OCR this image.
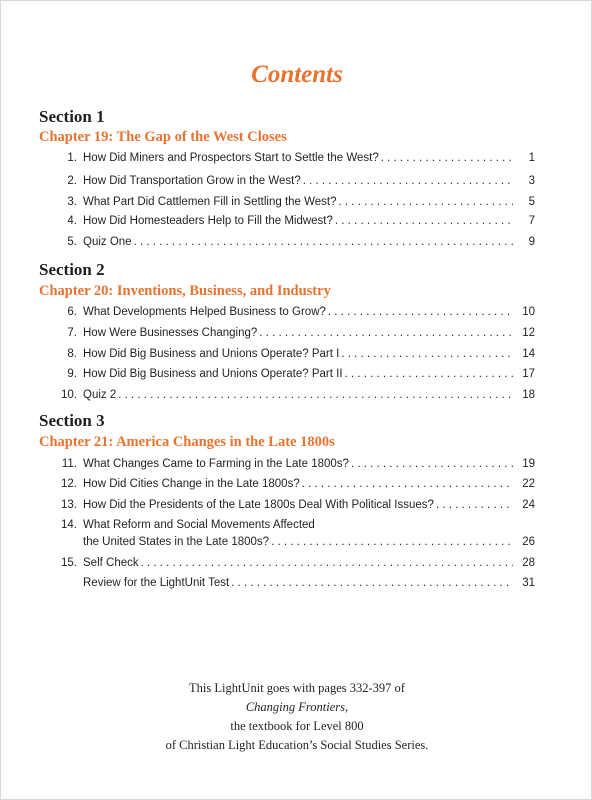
Contents
Section 1
Chapter 19: The Gap of the West Closes
1. How Did Miners and Prospectors Start to Settle the West? . . .	1
2. How Did Transportation Grow in the West? . . .	3
3. What Part Did Cattlemen Fill in Settling the West? . . .	5
4. How Did Homesteaders Help to Fill the Midwest? . . .	7
5. Quiz One . . .	9
Section 2
Chapter 20: Inventions, Business, and Industry
6. What Developments Helped Business to Grow? . . .	10
7. How Were Businesses Changing? . . .	12
8. How Did Big Business and Unions Operate? Part I . . .	14
9. How Did Big Business and Unions Operate? Part II . . .	17
10. Quiz 2 . . .	18
Section 3
Chapter 21: America Changes in the Late 1800s
11. What Changes Came to Farming in the Late 1800s? . . .	19
12. How Did Cities Change in the Late 1800s? . . .	22
13. How Did the Presidents of the Late 1800s Deal With Political Issues? . . .	24
14. What Reform and Social Movements Affected
the United States in the Late 1800s? . . .	26
15. Self Check . . .	28
Review for the LightUnit Test . . .	31
This LightUnit goes with pages 332-397 of
Changing Frontiers,
the textbook for Level 800
of Christian Light Education’s Social Studies Series.
